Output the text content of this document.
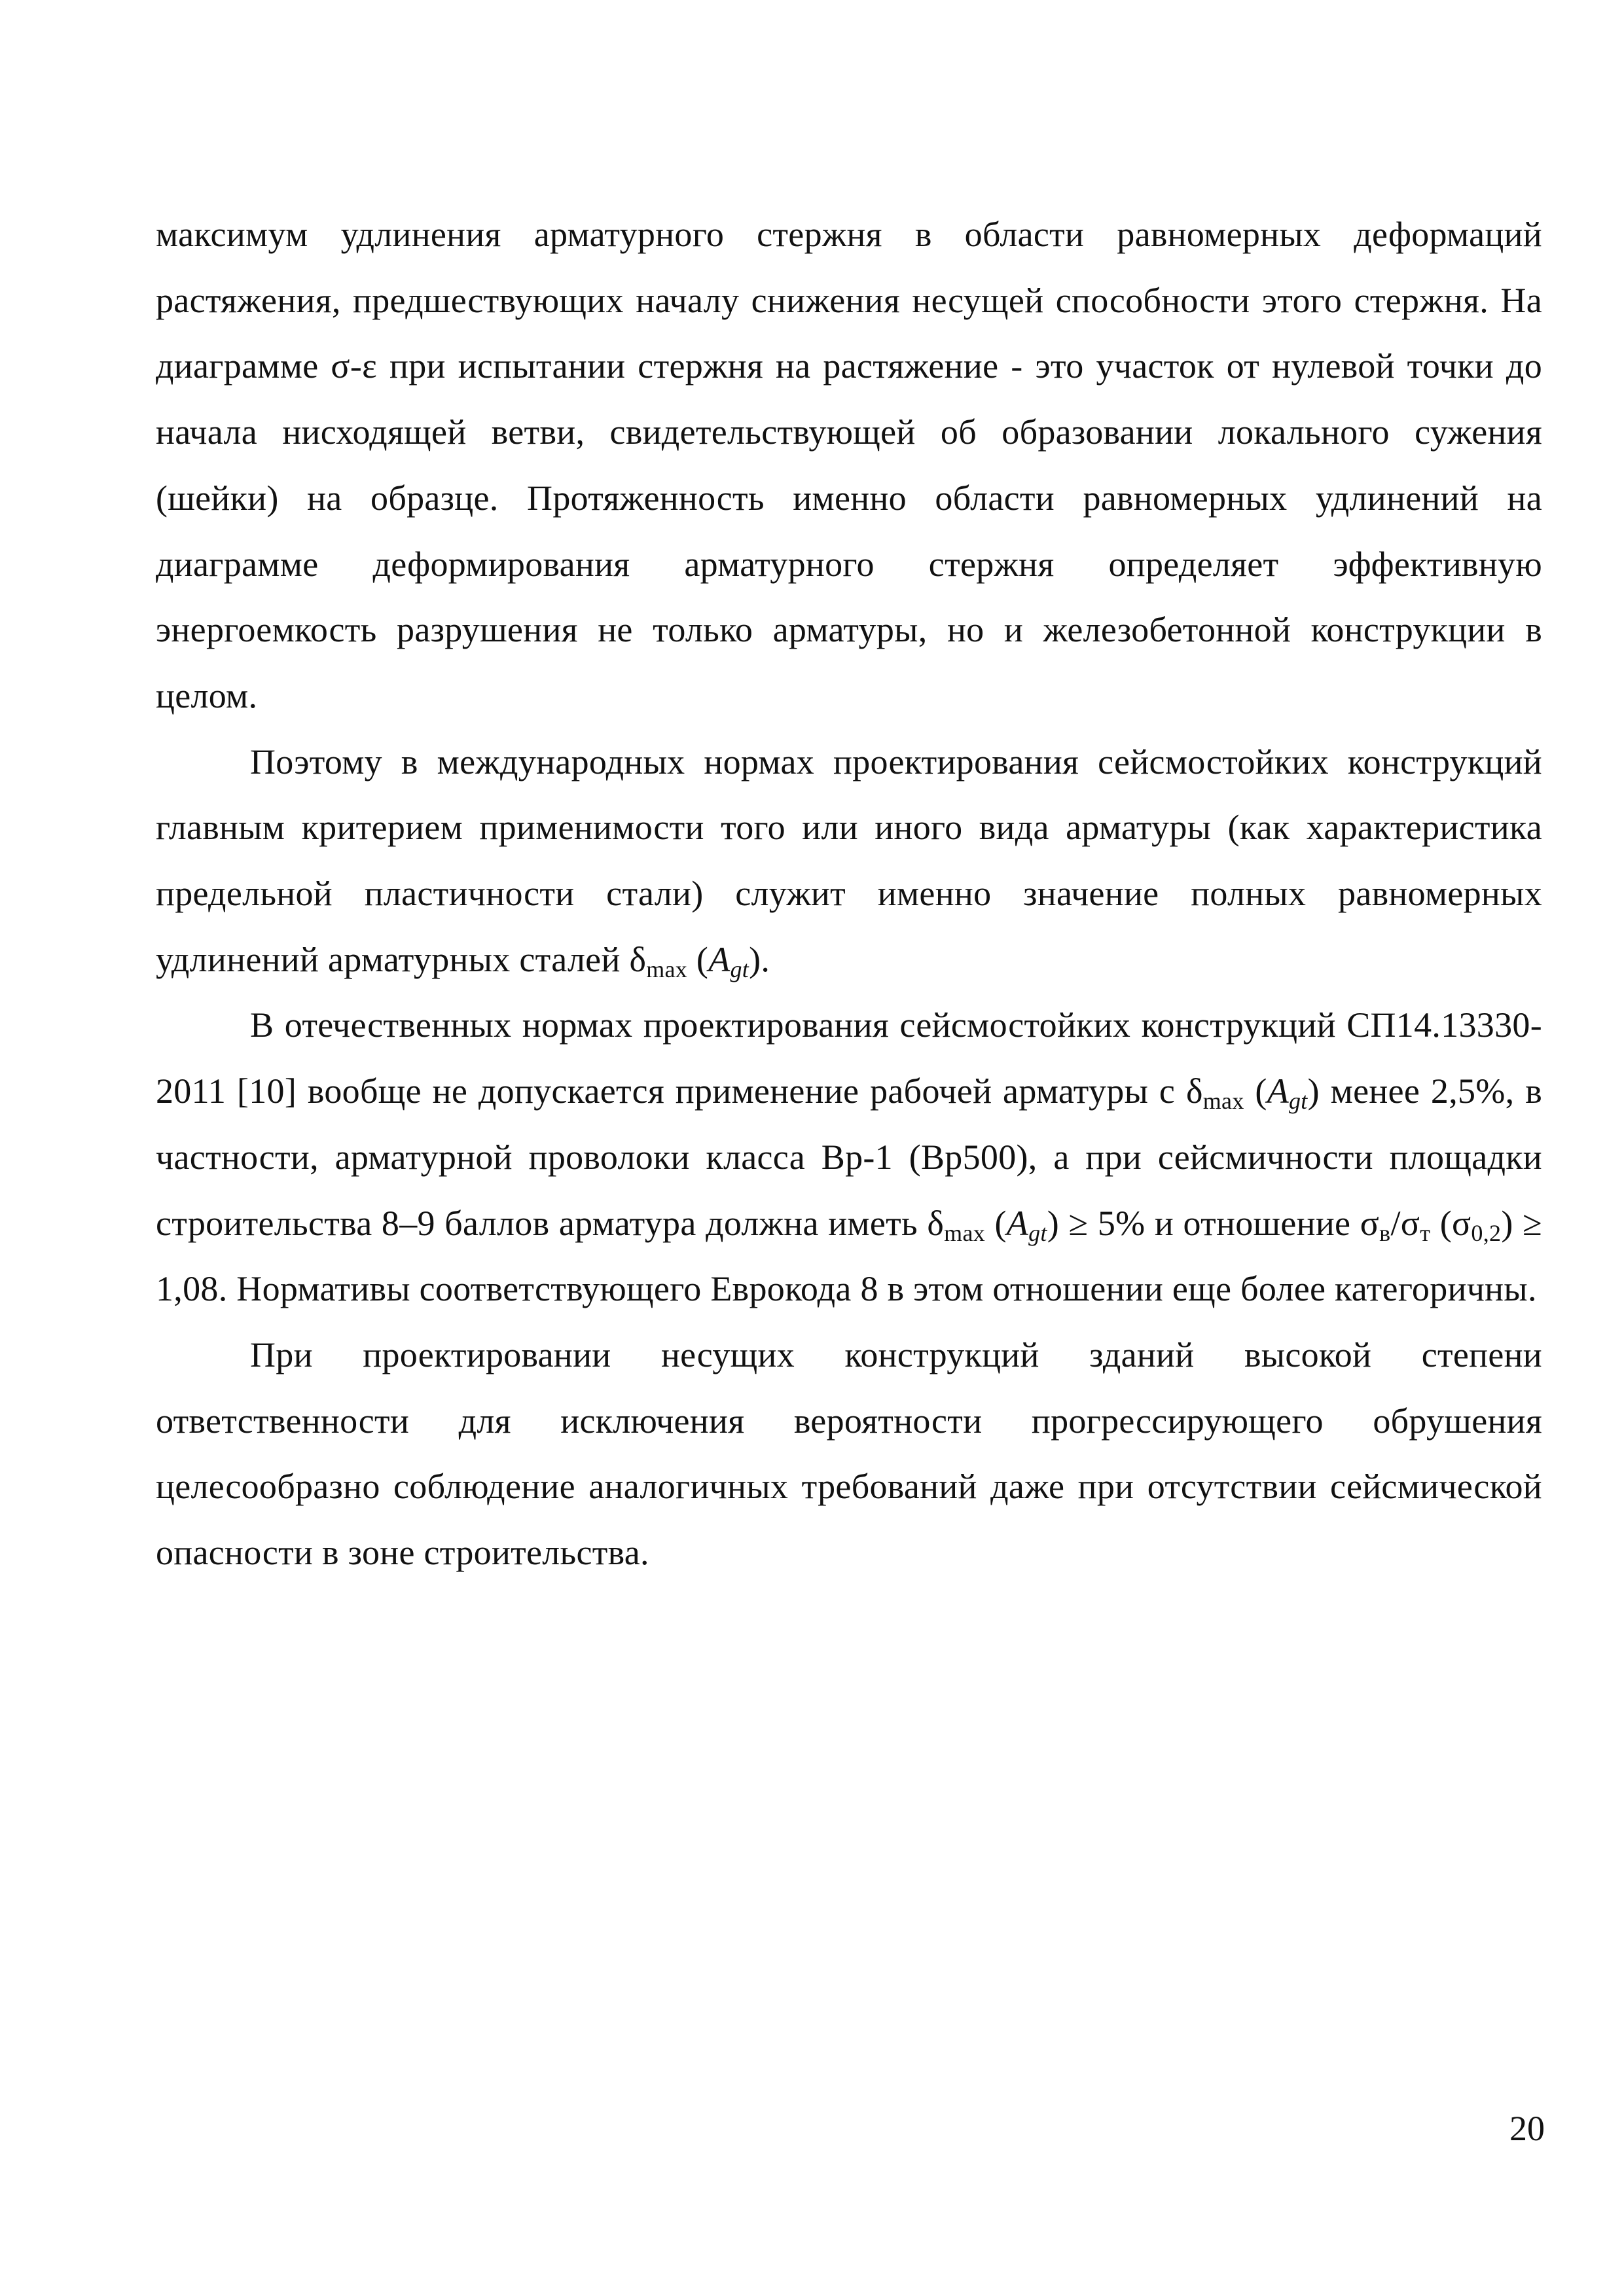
максимум удлинения арматурного стержня в области равномерных деформаций растяжения, предшествующих началу снижения несущей способности этого стержня. На диаграмме σ-ε при испытании стержня на растяжение - это участок от нулевой точки до начала нисходящей ветви, свидетельствующей об образовании локального сужения (шейки) на образце. Протяженность именно области равномерных удлинений на диаграмме деформирования арматурного стержня определяет эффективную энергоемкость разрушения не только арматуры, но и железобетонной конструкции в целом.

Поэтому в международных нормах проектирования сейсмостойких конструкций главным критерием применимости того или иного вида арматуры (как характеристика предельной пластичности стали) служит именно значение полных равномерных удлинений арматурных сталей $\delta_{max}$ $(A_{gt})$.

В отечественных нормах проектирования сейсмостойких конструкций СП14.13330-2011 [10] вообще не допускается применение рабочей арматуры с $\delta_{max}$ $(A_{gt})$ менее 2,5%, в частности, арматурной проволоки класса Вр-1 (Вр500), а при сейсмичности площадки строительства 8–9 баллов арматура должна иметь $\delta_{max}$ $(A_{gt}) \ge 5\%$ и отношение $\sigma_в/\sigma_т$ $(\sigma_{0,2}) \ge 1,08$. Нормативы соответствующего Еврокода 8 в этом отношении еще более категоричны.

При проектировании несущих конструкций зданий высокой степени ответственности для исключения вероятности прогрессирующего обрушения целесообразно соблюдение аналогичных требований даже при отсутствии сейсмической опасности в зоне строительства.

20
